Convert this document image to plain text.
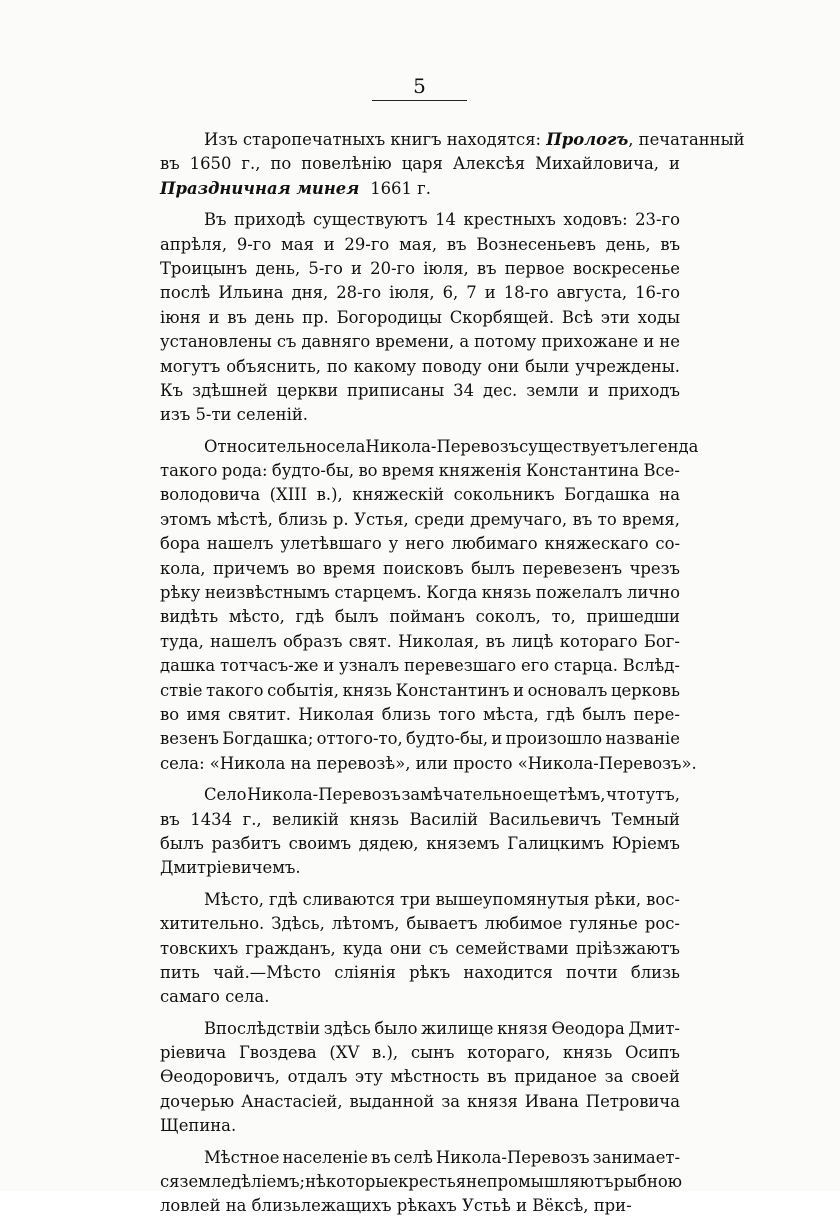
5
Изъ старопечатныхъ книгъ находятся: Прологъ , печатанный
въ 1650 г., по повелѣнію царя Алексѣя Михайловича, и
Праздничная минея 1661 г.
Въ приходѣ существуютъ 14 крестныхъ ходовъ: 23-го
апрѣля, 9-го мая и 29-го мая, въ Вознесеньевъ день, въ
Троицынъ день, 5-го и 20-го іюля, въ первое воскресенье
послѣ Ильина дня, 28-го іюля, 6, 7 и 18-го августа, 16-го
іюня и въ день пр. Богородицы Скорбящей. Всѣ эти ходы
установлены съ давняго времени, а потому прихожане и не
могутъ объяснить, по какому поводу они были учреждены.
Къ здѣшней церкви приписаны 34 дес. земли и приходъ
изъ 5-ти селеній.
Относительно села Никола-Перевозъ существуетъ легенда
такого рода: будто-бы, во время княженія Константина Все-
володовича (XIII в.), княжескій сокольникъ Богдашка на
этомъ мѣстѣ, близь р. Устья, среди дремучаго, въ то время,
бора нашелъ улетѣвшаго у него любимаго княжескаго со-
кола, причемъ во время поисковъ былъ перевезенъ чрезъ
рѣку неизвѣстнымъ старцемъ. Когда князь пожелалъ лично
видѣть мѣсто, гдѣ былъ пойманъ соколъ, то, пришедши
туда, нашелъ образъ свят. Николая, въ лицѣ котораго Бог-
дашка тотчасъ-же и узналъ перевезшаго его старца. Вслѣд-
ствіе такого событія, князь Константинъ и основалъ церковь
во имя святит. Николая близь того мѣста, гдѣ былъ пере-
везенъ Богдашка; оттого-то, будто-бы, и произошло названіе
села: «Никола на перевозѣ», или просто «Никола-Перевозъ».
Село Никола-Перевозъ замѣчательно еще тѣмъ, что тутъ,
въ 1434 г., великій князь Василій Васильевичъ Темный
былъ разбитъ своимъ дядею, княземъ Галицкимъ Юріемъ
Дмитріевичемъ.
Мѣсто, гдѣ сливаются три вышеупомянутыя рѣки, вос-
хитительно. Здѣсь, лѣтомъ, бываетъ любимое гулянье рос-
товскихъ гражданъ, куда они съ семействами пріѣзжаютъ
пить чай.—Мѣсто слiянія рѣкъ находится почти близь
самаго села.
Впослѣдствіи здѣсь было жилище князя Ѳеодора Дмит-
ріевича Гвоздева (XV в.), сынъ котораго, князь Осипъ
Ѳеодоровичъ, отдалъ эту мѣстность въ приданое за своей
дочерью Анастасіей, выданной за князя Ивана Петровича
Щепина.
Мѣстное населеніе въ селѣ Никола-Перевозъ занимает-
ся земледѣліемъ; нѣкоторые крестьяне промышляютъ рыбною
ловлей на близьлежащихъ рѣкахъ Устьѣ и Вёксѣ, при-
